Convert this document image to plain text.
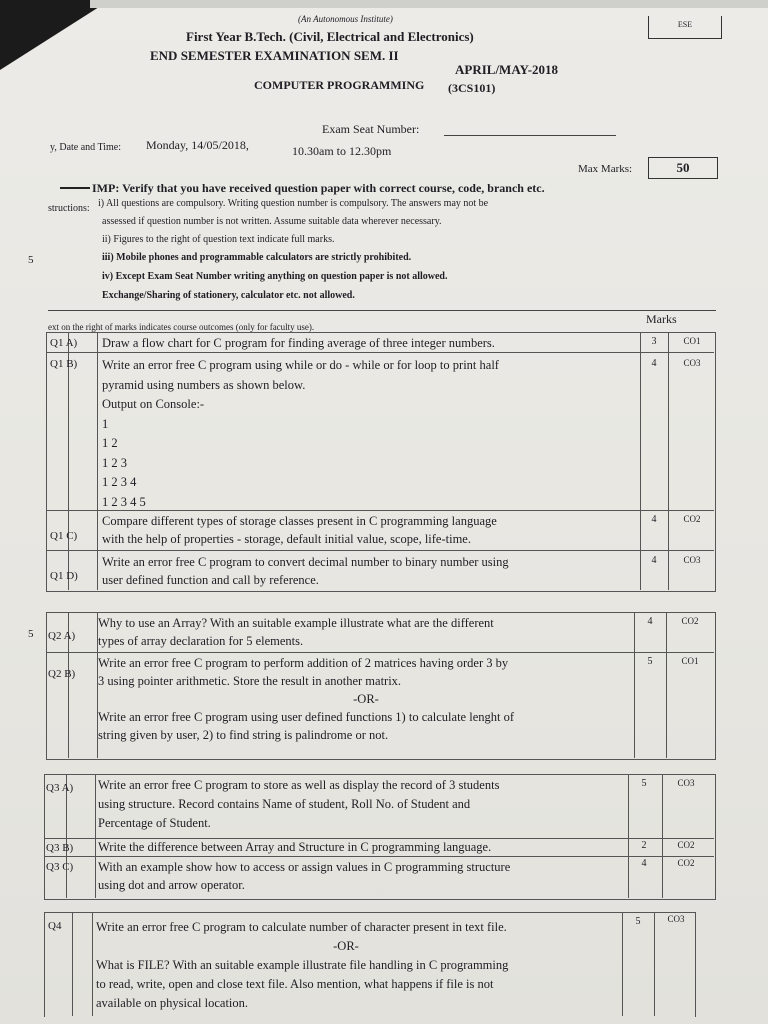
(An Autonomous Institute)
ESE
First Year B.Tech. (Civil, Electrical and Electronics)
END SEMESTER EXAMINATION SEM. II
APRIL/MAY-2018
COMPUTER PROGRAMMING (3CS101)
Exam Seat Number:
y, Date and Time: Monday, 14/05/2018,	10.30am to 12.30pm
Max Marks:	50
IMP: Verify that you have received question paper with correct course, code, branch etc.
structions: i) All questions are compulsory. Writing question number is compulsory. The answers may not be
assessed if question number is not written. Assume suitable data wherever necessary.
ii) Figures to the right of question text indicate full marks.
iii) Mobile phones and programmable calculators are strictly prohibited.
iv) Except Exam Seat Number writing anything on question paper is not allowed.
Exchange/Sharing of stationery, calculator etc. not allowed.
5
5
ext on the right of marks indicates course outcomes (only for faculty use).
Marks
Q1 A) Draw a flow chart for C program for finding average of three integer numbers.	3	CO1
Q1 B) Write an error free C program using while or do - while or for loop to print half
pyramid using numbers as shown below.
Output on Console:-
1
1 2
1 2 3
1 2 3 4
1 2 3 4 5
4	CO3
Q1 C)
Compare different types of storage classes present in C programming language
with the help of properties - storage, default initial value, scope, life-time.
4	CO2
Q1 D)
Write an error free C program to convert decimal number to binary number using
user defined function and call by reference.
4	CO3
Q2 A)
Why to use an Array? With an suitable example illustrate what are the different
types of array declaration for 5 elements.
4	CO2
Q2 B)
Write an error free C program to perform addition of 2 matrices having order 3 by
3 using pointer arithmetic. Store the result in another matrix.
-OR-
Write an error free C program using user defined functions 1) to calculate lenght of
string given by user, 2) to find string is palindrome or not.
5	CO1
Q3 A) Write an error free C program to store as well as display the record of 3 students
using structure. Record contains Name of student, Roll No. of Student and
Percentage of Student.
5	CO3
Q3 B) Write the difference between Array and Structure in C programming language.	2	CO2
Q3 C) With an example show how to access or assign values in C programming structure
using dot and arrow operator.
4	CO2
Q4	Write an error free C program to calculate number of character present in text file.
-OR-
What is FILE? With an suitable example illustrate file handling in C programming
to read, write, open and close text file. Also mention, what happens if file is not
available on physical location.
5	CO3
